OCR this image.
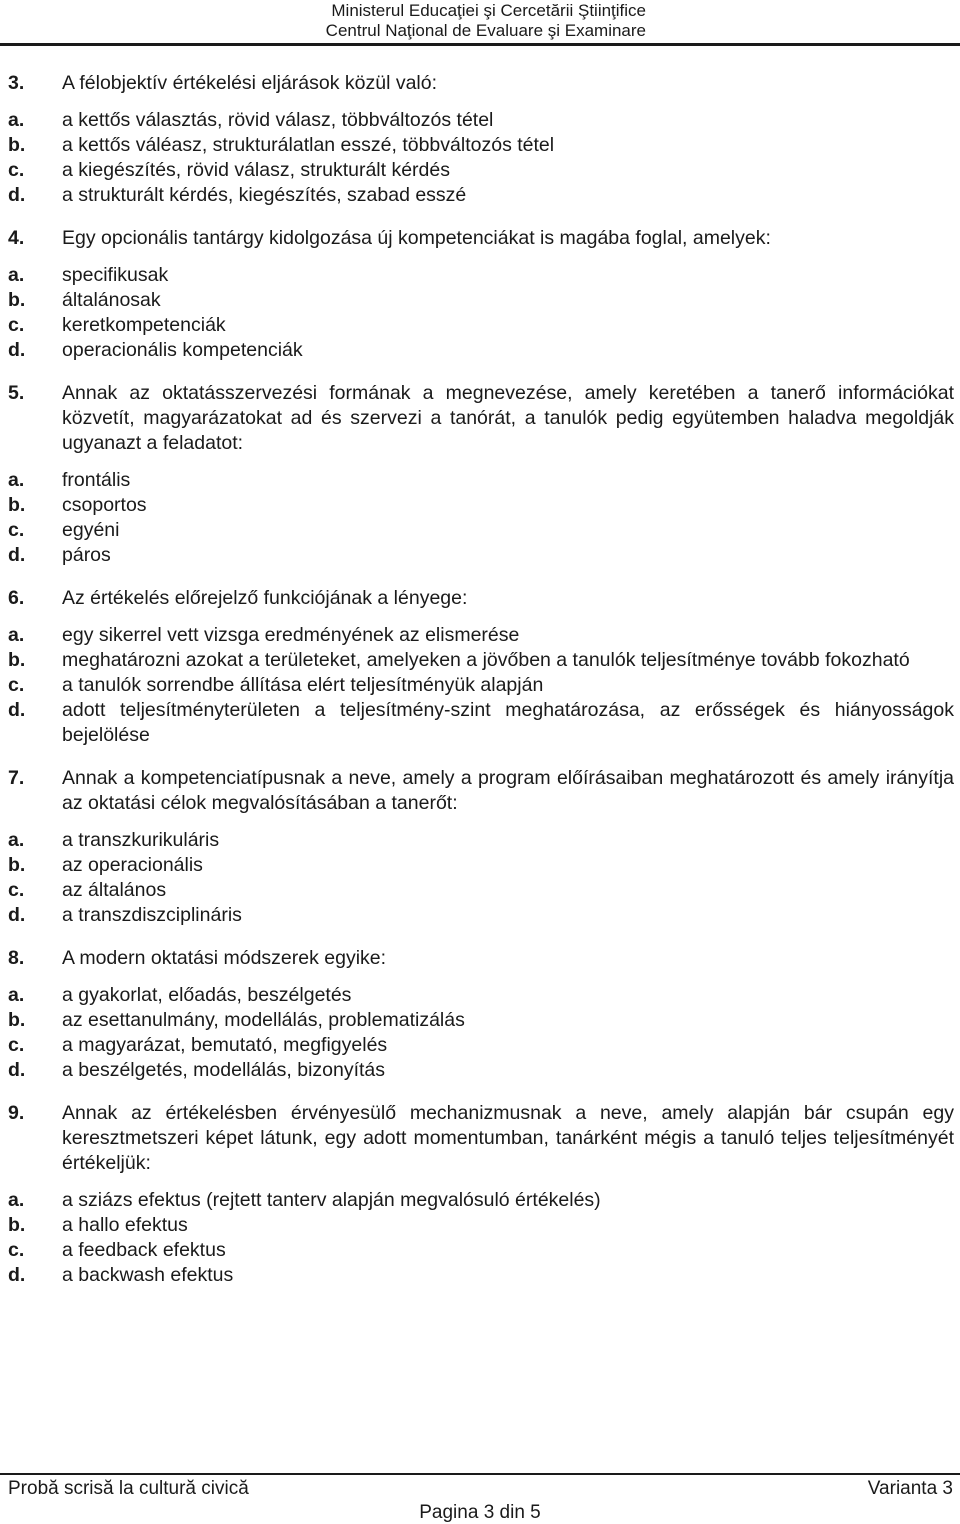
Ministerul Educaţiei şi Cercetării Ştiinţifice
Centrul Naţional de Evaluare şi Examinare
3.	A félobjektív értékelési eljárások közül való:
a.	a kettős választás, rövid válasz, többváltozós tétel
b.	a kettős váléasz, strukturálatlan esszé, többváltozós tétel
c.	a kiegészítés, rövid válasz, strukturált kérdés
d.	a strukturált kérdés, kiegészítés, szabad esszé
4.	Egy opcionális tantárgy kidolgozása új kompetenciákat is magába foglal, amelyek:
a.	specifikusak
b.	általánosak
c.	keretkompetenciák
d.	operacionális kompetenciák
5.	Annak az oktatásszervezési formának a megnevezése, amely keretében a tanerő információkat közvetít, magyarázatokat ad és szervezi a tanórát, a tanulók pedig együtemben haladva megoldják ugyanazt a feladatot:
a.	frontális
b.	csoportos
c.	egyéni
d.	páros
6.	Az értékelés előrejelző funkciójának a lényege:
a.	egy sikerrel vett vizsga eredményének az elismerése
b.	meghatározni azokat a területeket, amelyeken a jövőben a tanulók teljesítménye tovább fokozható
c.	a tanulók sorrendbe állítása elért teljesítményük alapján
d.	adott teljesítményterületen a teljesítmény-szint meghatározása, az erősségek és hiányosságok bejelölése
7.	Annak a kompetenciatípusnak a neve, amely a program előírásaiban meghatározott és amely irányítja az oktatási célok megvalósításában a tanerőt:
a.	a transzkurikuláris
b.	az operacionális
c.	az általános
d.	a transzdiszciplináris
8.	A modern oktatási módszerek egyike:
a.	a gyakorlat, előadás, beszélgetés
b.	az esettanulmány, modellálás, problematizálás
c.	a magyarázat, bemutató, megfigyelés
d.	a beszélgetés, modellálás, bizonyítás
9.	Annak az értékelésben érvényesülő mechanizmusnak a neve, amely alapján bár csupán egy keresztmetszeri képet látunk, egy adott momentumban, tanárként mégis a tanuló teljes teljesítményét értékeljük:
a.	a sziázs efektus (rejtett tanterv alapján megvalósuló értékelés)
b.	a hallo efektus
c.	a feedback efektus
d.	a backwash efektus
Probă scrisă la cultură civică	Varianta 3
Pagina 3 din 5
